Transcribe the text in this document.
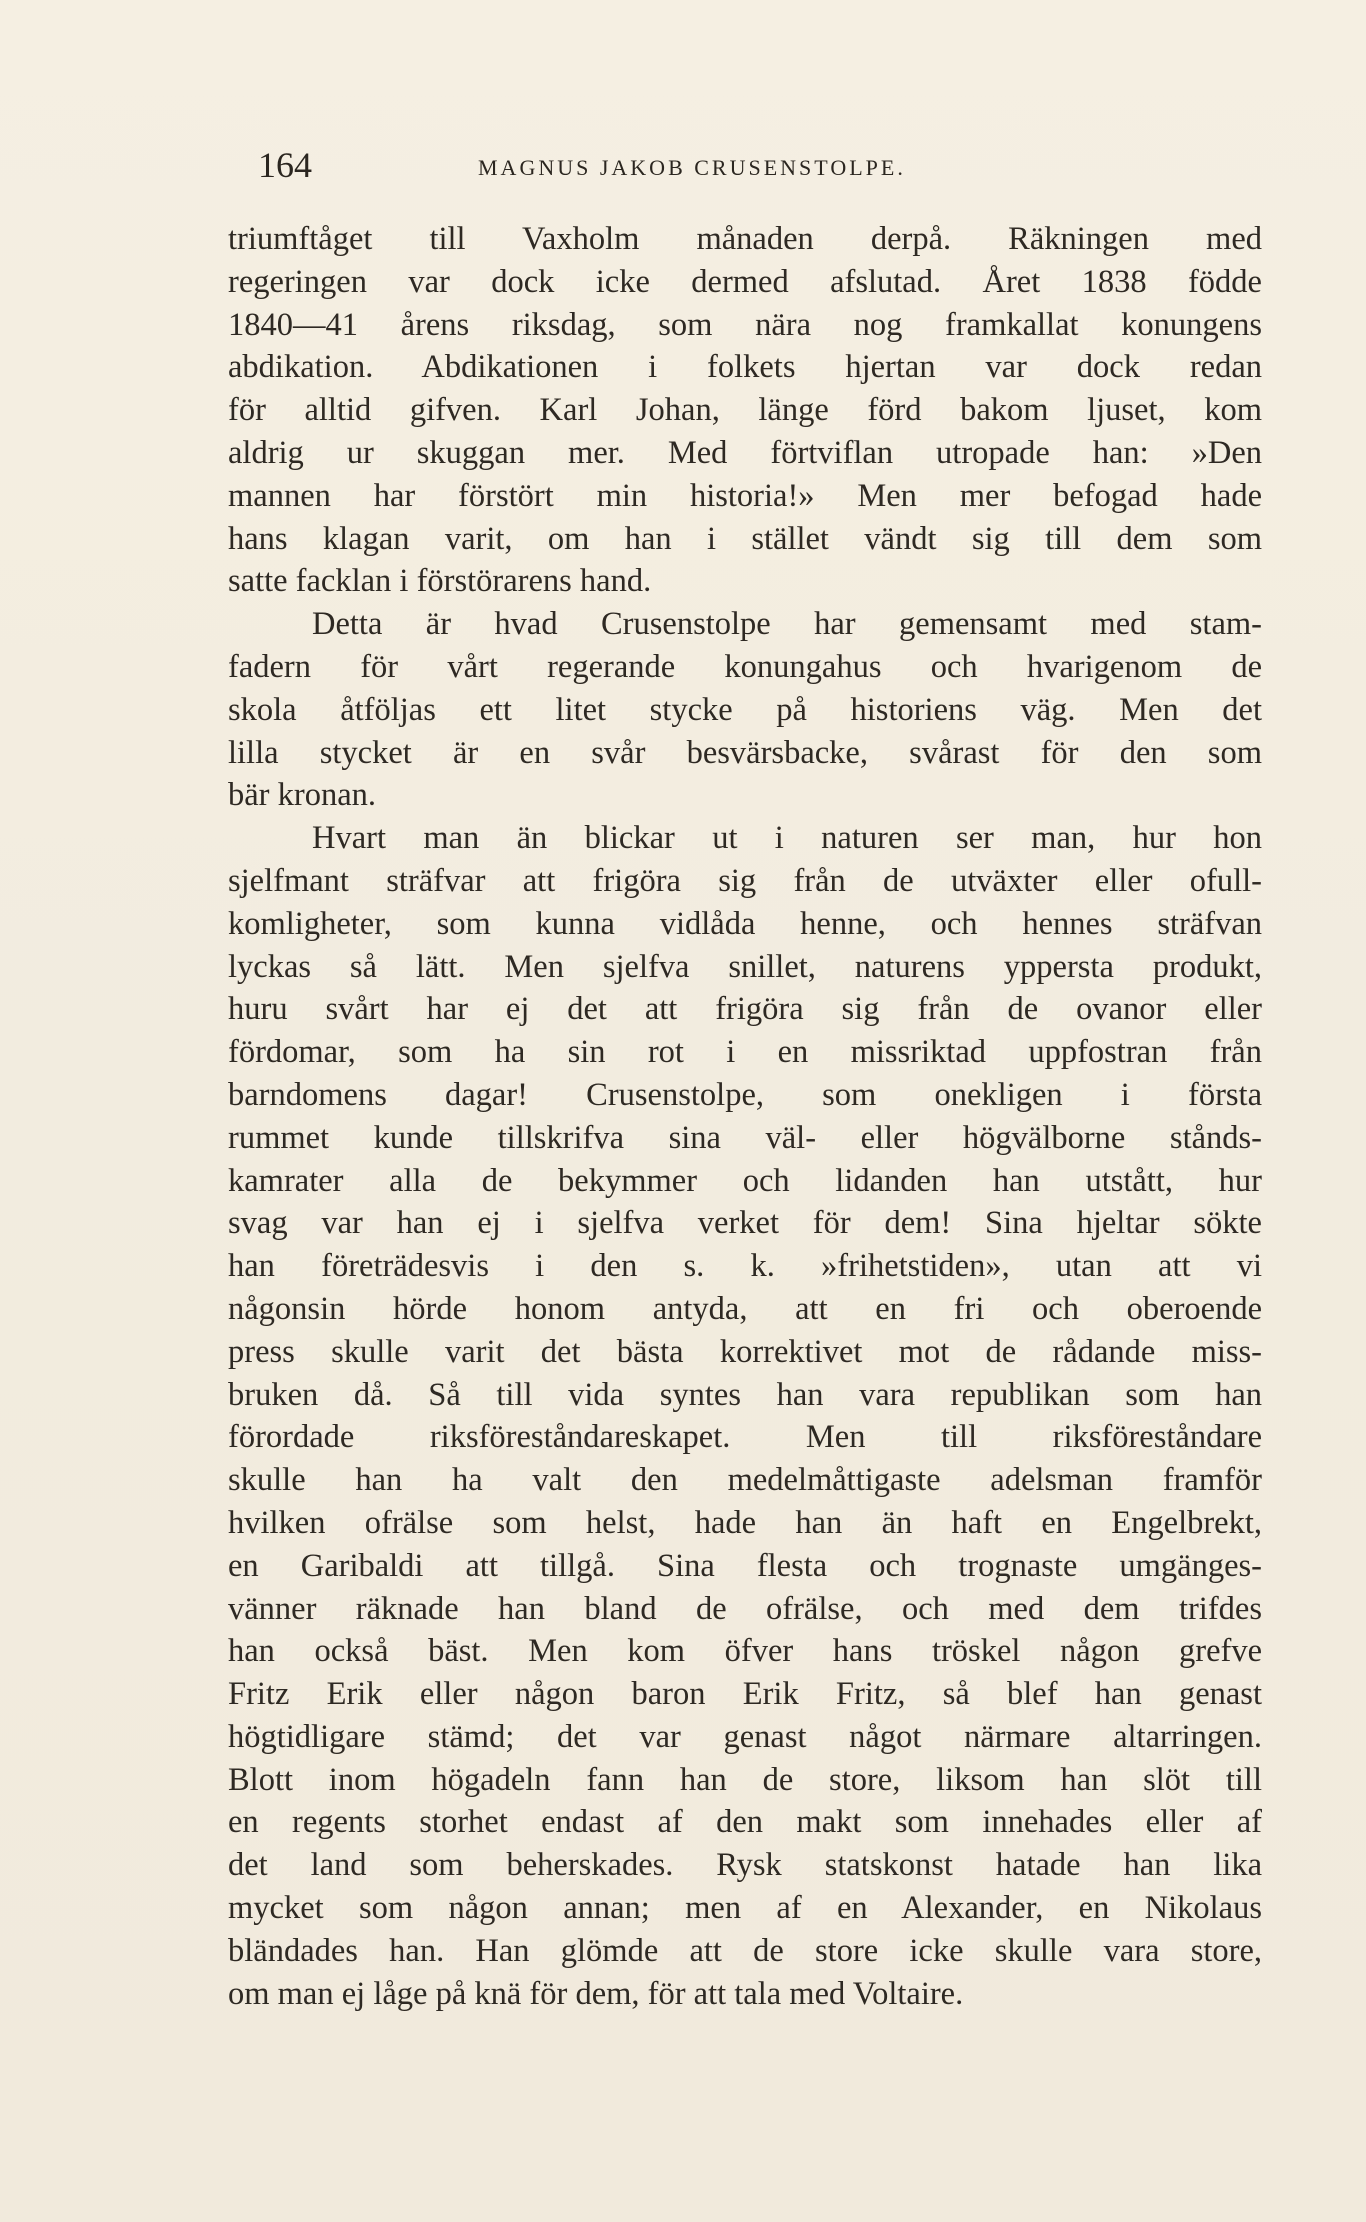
164	MAGNUS JAKOB CRUSENSTOLPE.
triumftåget till Vaxholm månaden derpå. Räkningen med
regeringen var dock icke dermed afslutad. Året 1838 födde
1840—41 årens riksdag, som nära nog framkallat konungens
abdikation. Abdikationen i folkets hjertan var dock redan
för alltid gifven. Karl Johan, länge förd bakom ljuset, kom
aldrig ur skuggan mer. Med förtviflan utropade han: »Den
mannen har förstört min historia!» Men mer befogad hade
hans klagan varit, om han i stället vändt sig till dem som
satte facklan i förstörarens hand.
Detta är hvad Crusenstolpe har gemensamt med stam-
fadern för vårt regerande konungahus och hvarigenom de
skola åtföljas ett litet stycke på historiens väg. Men det
lilla stycket är en svår besvärsbacke, svårast för den som
bär kronan.
Hvart man än blickar ut i naturen ser man, hur hon
sjelfmant sträfvar att frigöra sig från de utväxter eller ofull-
komligheter, som kunna vidlåda henne, och hennes sträfvan
lyckas så lätt. Men sjelfva snillet, naturens yppersta produkt,
huru svårt har ej det att frigöra sig från de ovanor eller
fördomar, som ha sin rot i en missriktad uppfostran från
barndomens dagar! Crusenstolpe, som onekligen i första
rummet kunde tillskrifva sina väl- eller högvälborne stånds-
kamrater alla de bekymmer och lidanden han utstått, hur
svag var han ej i sjelfva verket för dem! Sina hjeltar sökte
han företrädesvis i den s. k. »frihetstiden», utan att vi
någonsin hörde honom antyda, att en fri och oberoende
press skulle varit det bästa korrektivet mot de rådande miss-
bruken då. Så till vida syntes han vara republikan som han
förordade riksföreståndareskapet. Men till riksföreståndare
skulle han ha valt den medelmåttigaste adelsman framför
hvilken ofrälse som helst, hade han än haft en Engelbrekt,
en Garibaldi att tillgå. Sina flesta och trognaste umgänges-
vänner räknade han bland de ofrälse, och med dem trifdes
han också bäst. Men kom öfver hans tröskel någon grefve
Fritz Erik eller någon baron Erik Fritz, så blef han genast
högtidligare stämd; det var genast något närmare altarringen.
Blott inom högadeln fann han de store, liksom han slöt till
en regents storhet endast af den makt som innehades eller af
det land som beherskades. Rysk statskonst hatade han lika
mycket som någon annan; men af en Alexander, en Nikolaus
bländades han. Han glömde att de store icke skulle vara store,
om man ej låge på knä för dem, för att tala med Voltaire.
